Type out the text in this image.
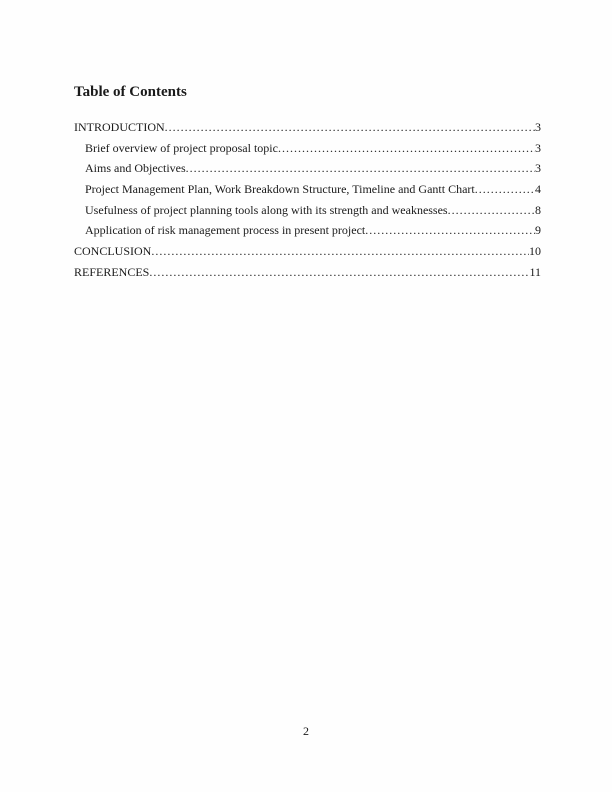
Table of Contents
INTRODUCTION .....	3
Brief overview of project proposal topic .....	3
Aims and Objectives .....	3
Project Management Plan, Work Breakdown Structure, Timeline and Gantt Chart .....	4
Usefulness of project planning tools along with its strength and weaknesses .....	8
Application of risk management process in present project .....	9
CONCLUSION .....	10
REFERENCES .....	11
2
